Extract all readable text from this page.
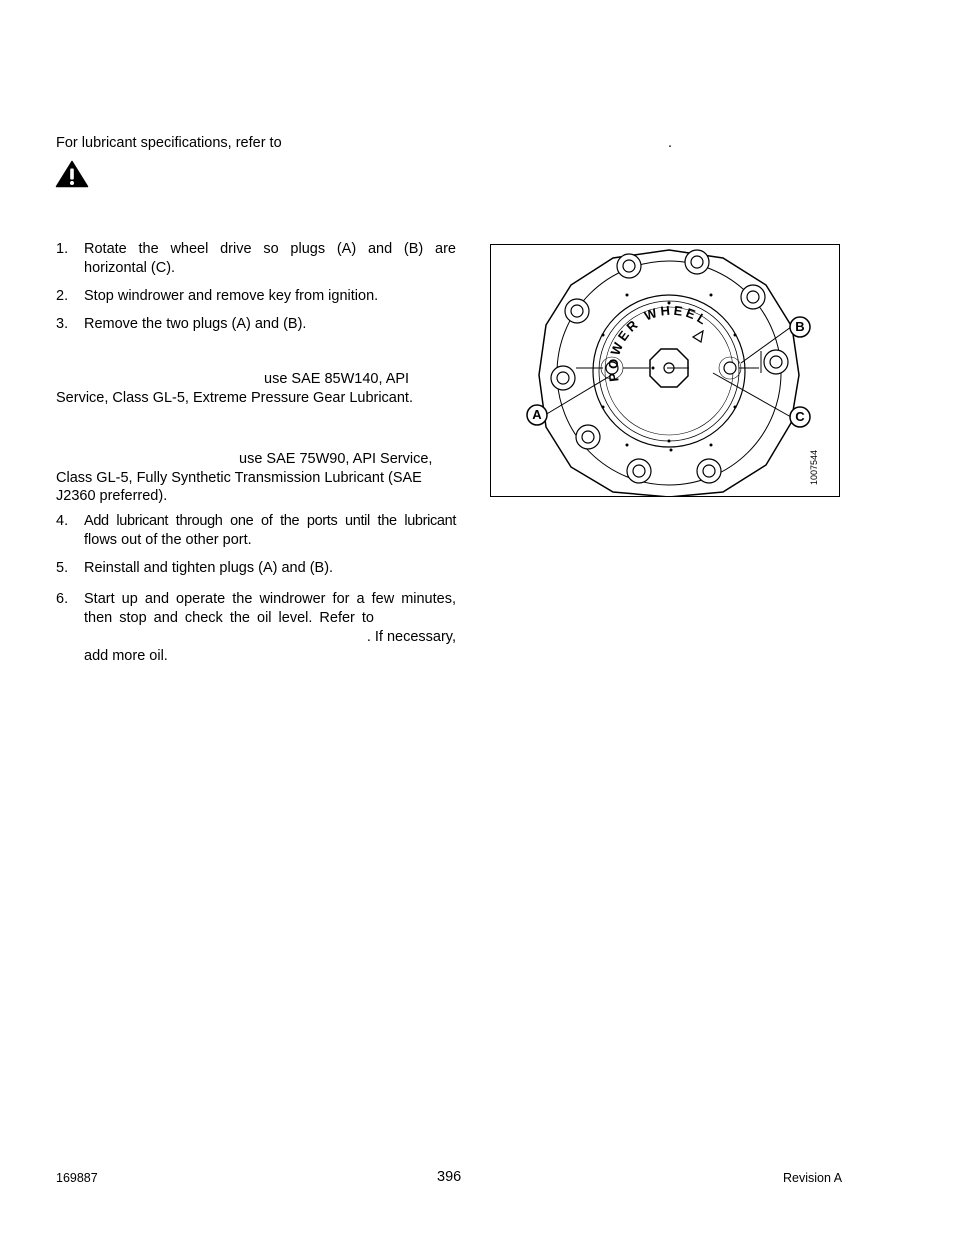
For lubricant specifications, refer to	.
1. Rotate the wheel drive so plugs (A) and (B) are
horizontal (C).
2. Stop windrower and remove key from ignition.
3. Remove the two plugs (A) and (B).
use SAE 85W140, API
Service, Class GL-5, Extreme Pressure Gear Lubricant.
use SAE 75W90, API Service,
Class GL-5, Fully Synthetic Transmission Lubricant (SAE
J2360 preferred).
4. Add lubricant through one of the ports until the lubricant
flows out of the other port.
5. Reinstall and tighten plugs (A) and (B).
6. Start up and operate the windrower for a few minutes,
then stop and check the oil level. Refer to
. If necessary,
add more oil.
POWER WHEEL
A
B
C
1007544
169887	396	Revision A
